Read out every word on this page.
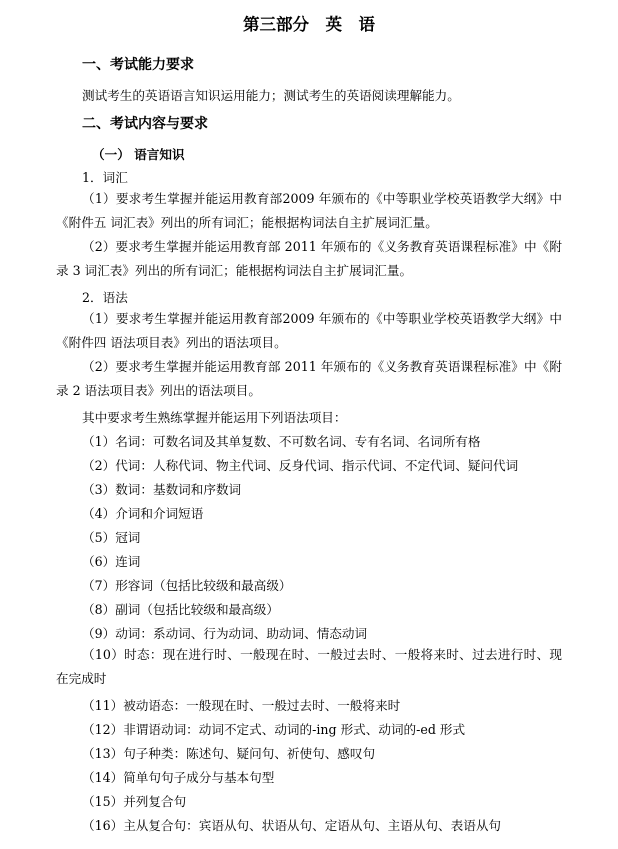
第三部分　英　语
一、考试能力要求
测试考生的英语语言知识运用能力；测试考生的英语阅读理解能力。
二、考试内容与要求
（一） 语言知识
1．词汇
（1）要求考生掌握并能运用教育部2009 年颁布的《中等职业学校英语教学大纲》中《附件五 词汇表》列出的所有词汇；能根据构词法自主扩展词汇量。
（2）要求考生掌握并能运用教育部 2011 年颁布的《义务教育英语课程标准》中《附录 3 词汇表》列出的所有词汇；能根据构词法自主扩展词汇量。
2．语法
（1）要求考生掌握并能运用教育部2009 年颁布的《中等职业学校英语教学大纲》中《附件四 语法项目表》列出的语法项目。
（2）要求考生掌握并能运用教育部 2011 年颁布的《义务教育英语课程标准》中《附录 2 语法项目表》列出的语法项目。
其中要求考生熟练掌握并能运用下列语法项目：
（1）名词：可数名词及其单复数、不可数名词、专有名词、名词所有格
（2）代词：人称代词、物主代词、反身代词、指示代词、不定代词、疑问代词
（3）数词：基数词和序数词
（4）介词和介词短语
（5）冠词
（6）连词
（7）形容词（包括比较级和最高级）
（8）副词（包括比较级和最高级）
（9）动词：系动词、行为动词、助动词、情态动词
（10）时态：现在进行时、一般现在时、一般过去时、一般将来时、过去进行时、现在完成时
（11）被动语态：一般现在时、一般过去时、一般将来时
（12）非谓语动词：动词不定式、动词的-ing 形式、动词的-ed 形式
（13）句子种类：陈述句、疑问句、祈使句、感叹句
（14）简单句句子成分与基本句型
（15）并列复合句
（16）主从复合句：宾语从句、状语从句、定语从句、主语从句、表语从句
